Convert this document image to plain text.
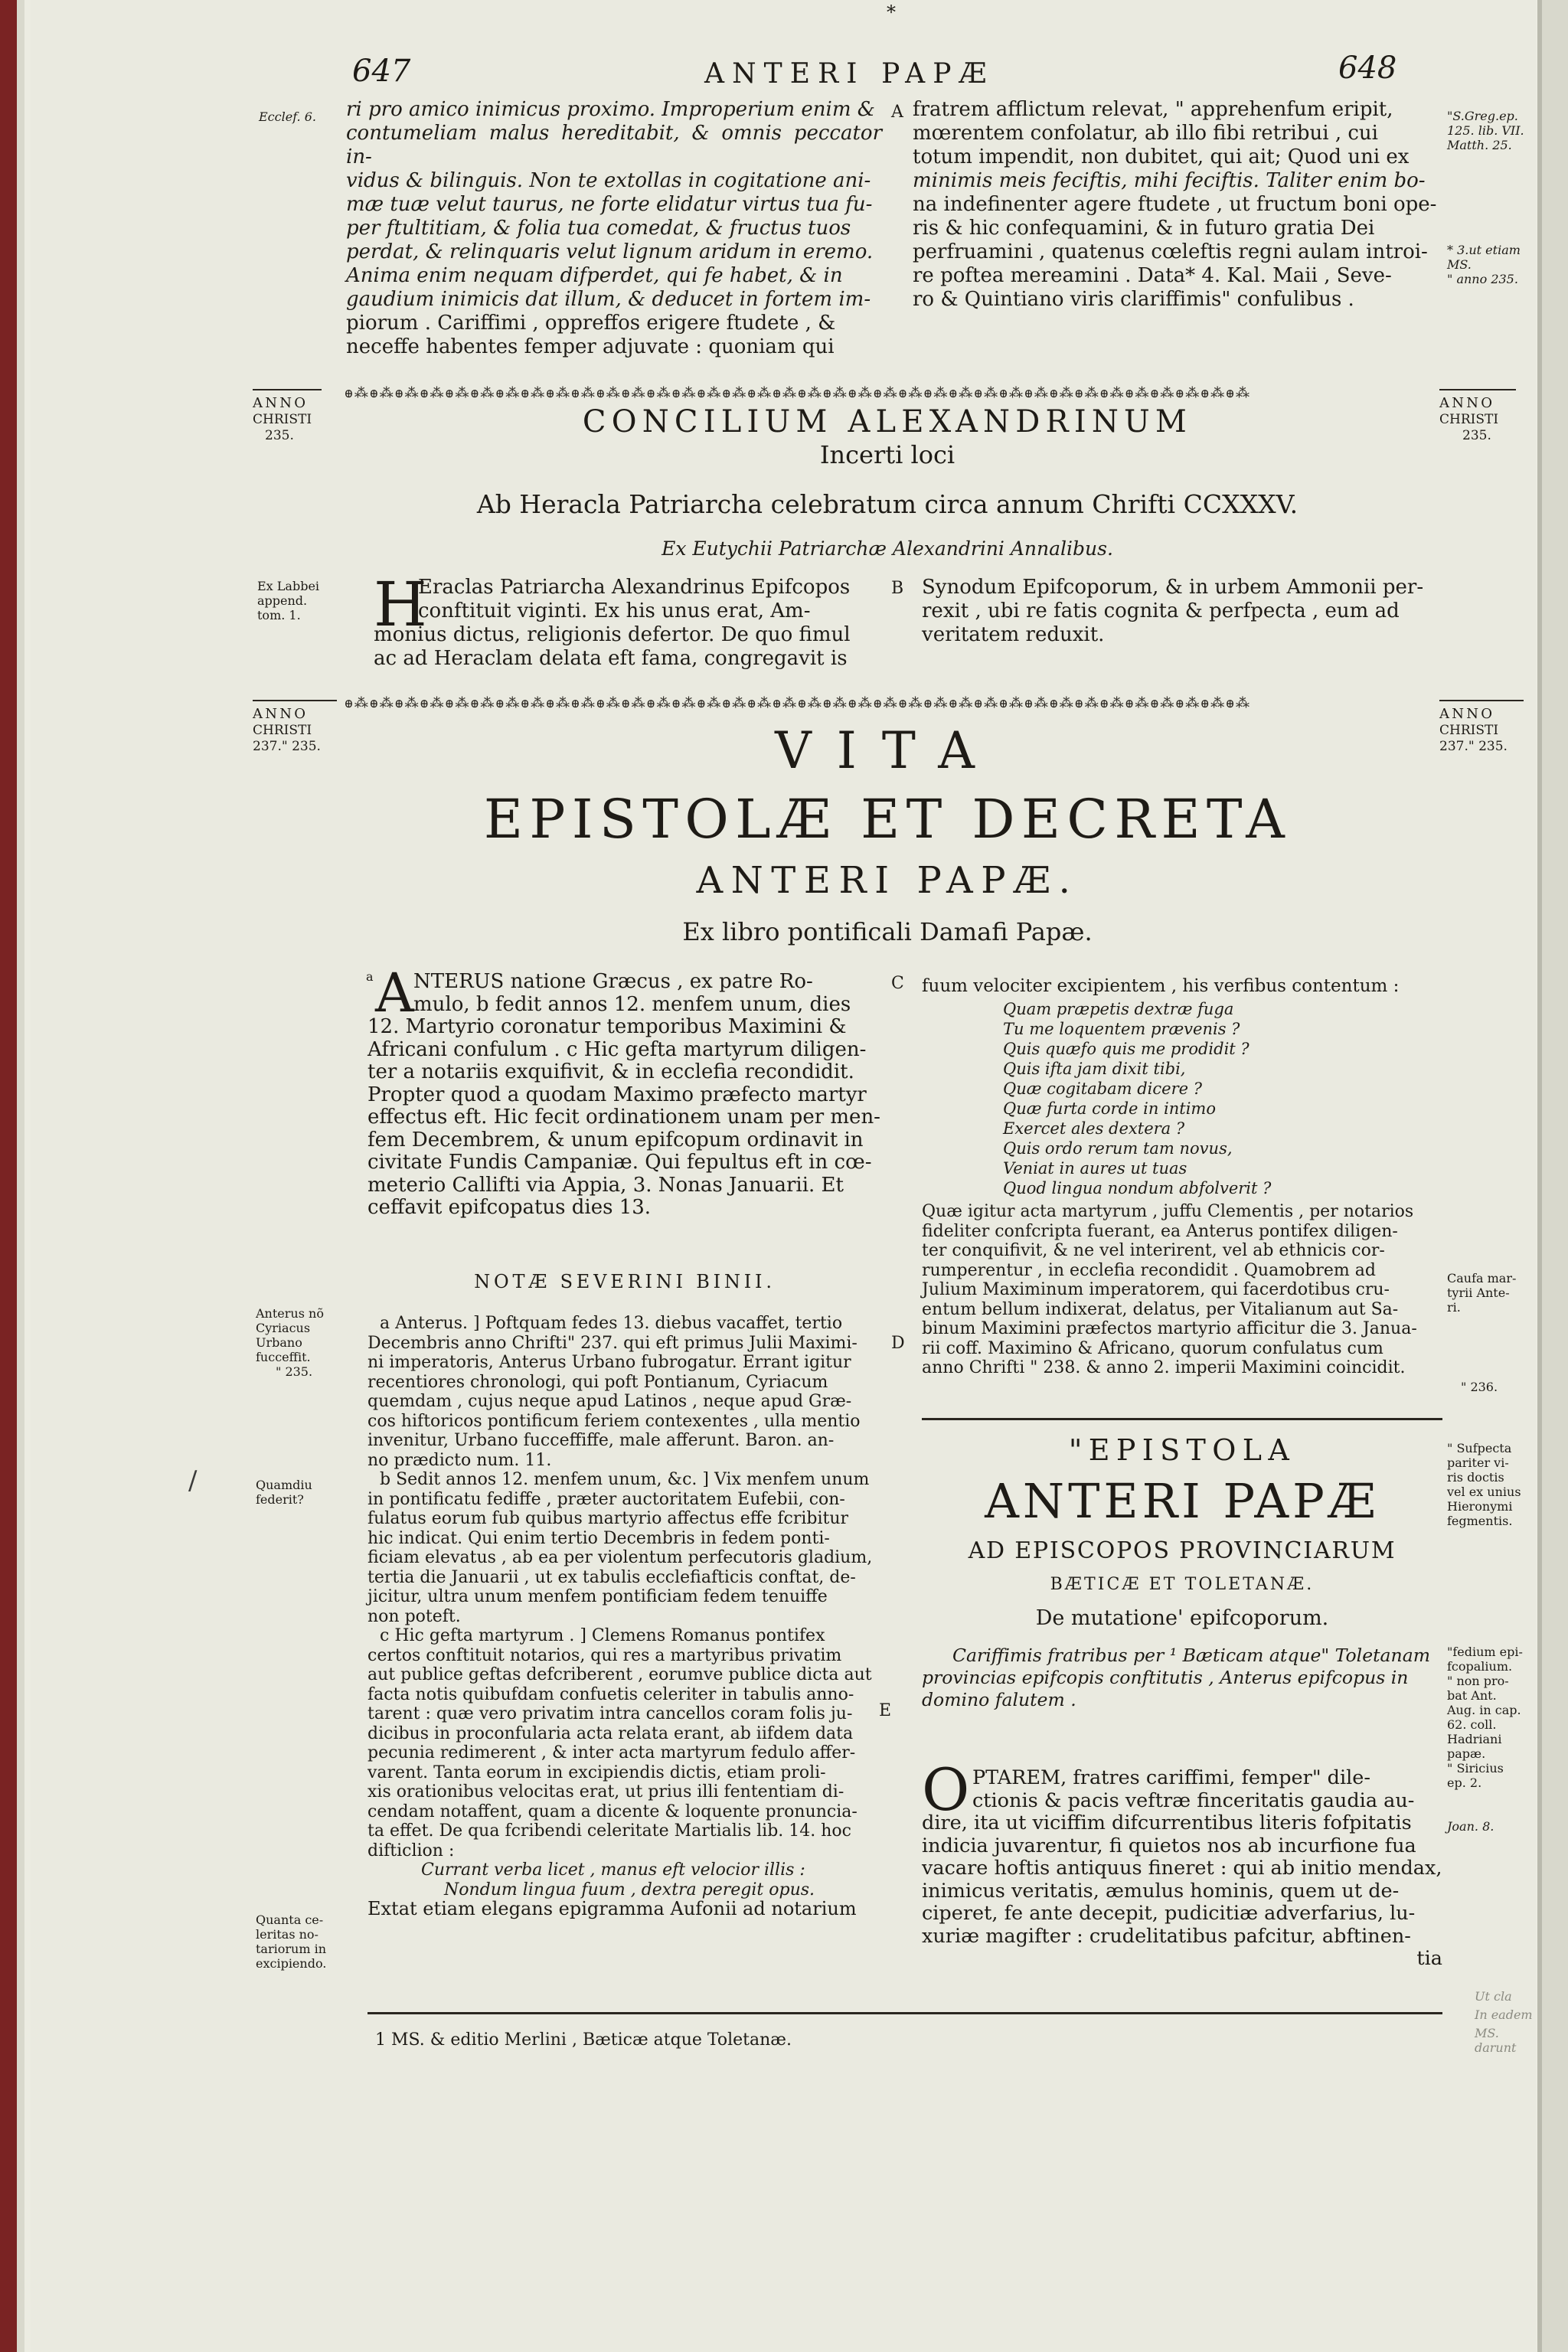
*
647	ANTERI PAPÆ	648
Ecclef. 6. ri pro amico inimicus proximo. Improperium enim &
contumeliam malus hereditabit, & omnis peccator in-
vidus & bilinguis. Non te extollas in cogitatione ani-
mæ tuæ velut taurus, ne forte elidatur virtus tua fu-
per ftultitiam, & folia tua comedat, & fructus tuos
perdat, & relinquaris velut lignum aridum in eremo.
Anima enim nequam difperdet, qui fe habet, & in
gaudium inimicis dat illum, & deducet in fortem im-
piorum . Cariffimi , oppreffos erigere ftudete , &
neceffe habentes femper adjuvate : quoniam qui
A fratrem afflictum relevat, " apprehenfum eripit,
mœrentem confolatur, ab illo fibi retribui , cui
totum impendit, non dubitet, qui ait; Quod uni ex
minimis meis feciftis, mihi feciftis. Taliter enim bo-
na indefinenter agere ftudete , ut fructum boni ope-
ris & hic confequamini, & in futuro gratia Dei
perfruamini , quatenus cœleftis regni aulam introi-
re poftea mereamini . Data* 4. Kal. Maii , Seve-
ro & Quintiano viris clariffimis" confulibus .
"S.Greg.ep.
125. lib. VII.
Matth. 25.
* 3.ut etiam
MS.
" anno 235.
ANNO
CHRISTI
235.
ꚛ⁂ꚛ⁂ꚛ⁂ꚛ⁂ꚛ⁂ꚛ⁂ꚛ⁂ꚛ⁂ꚛ⁂ꚛ⁂ꚛ⁂ꚛ⁂ꚛ⁂ꚛ⁂ꚛ⁂ꚛ⁂ꚛ⁂ꚛ⁂ꚛ⁂ꚛ⁂ꚛ⁂ꚛ⁂ꚛ⁂ꚛ⁂ꚛ⁂ꚛ⁂ꚛ⁂ꚛ⁂ꚛ⁂ꚛ⁂ꚛ⁂ꚛ⁂ꚛ⁂ꚛ⁂ꚛ⁂ꚛ⁂
ANNO
CHRISTI
235.
CONCILIUM ALEXANDRINUM
Incerti loci
Ab Heracla Patriarcha celebratum circa annum Chrifti CCXXXV.
Ex Eutychii Patriarchæ Alexandrini Annalibus.
Ex Labbei
append.
tom. 1.	H
Eraclas Patriarcha Alexandrinus Epifcopos
conftituit viginti. Ex his unus erat, Am-
monius dictus, religionis defertor. De quo fimul
ac ad Heraclam delata eft fama, congregavit is
B Synodum Epifcoporum, & in urbem Ammonii per-
rexit , ubi re fatis cognita & perfpecta , eum ad
veritatem reduxit.
ANNO
CHRISTI
237." 235.
ꚛ⁂ꚛ⁂ꚛ⁂ꚛ⁂ꚛ⁂ꚛ⁂ꚛ⁂ꚛ⁂ꚛ⁂ꚛ⁂ꚛ⁂ꚛ⁂ꚛ⁂ꚛ⁂ꚛ⁂ꚛ⁂ꚛ⁂ꚛ⁂ꚛ⁂ꚛ⁂ꚛ⁂ꚛ⁂ꚛ⁂ꚛ⁂ꚛ⁂ꚛ⁂ꚛ⁂ꚛ⁂ꚛ⁂ꚛ⁂ꚛ⁂ꚛ⁂ꚛ⁂ꚛ⁂ꚛ⁂ꚛ⁂
ANNO
CHRISTI
237." 235.
VITA
EPISTOLÆ ET DECRETA
ANTERI PAPÆ.
Ex libro pontificali Damafi Papæ.
a A NTERUS natione Græcus , ex patre Ro-
mulo, b fedit annos 12. menfem unum, dies
12. Martyrio coronatur temporibus Maximini &
Africani confulum . c Hic gefta martyrum diligen-
ter a notariis exquifivit, & in ecclefia recondidit.
Propter quod a quodam Maximo præfecto martyr
effectus eft. Hic fecit ordinationem unam per men-
fem Decembrem, & unum epifcopum ordinavit in
civitate Fundis Campaniæ. Qui fepultus eft in cœ-
meterio Callifti via Appia, 3. Nonas Januarii. Et
ceffavit epifcopatus dies 13.
C
NOTÆ SEVERINI BINII.
a Anterus. ] Poftquam fedes 13. diebus vacaffet, tertio
Decembris anno Chrifti" 237. qui eft primus Julii Maximi-
ni imperatoris, Anterus Urbano fubrogatur. Errant igitur
recentiores chronologi, qui poft Pontianum, Cyriacum
quemdam , cujus neque apud Latinos , neque apud Græ-
cos hiftoricos pontificum feriem contexentes , ulla mentio
invenitur, Urbano fucceffiffe, male afferunt. Baron. an-
no prædicto num. 11.
b Sedit annos 12. menfem unum, &c. ] Vix menfem unum
in pontificatu fediffe , præter auctoritatem Eufebii, con-
fulatus eorum fub quibus martyrio affectus effe fcribitur
hic indicat. Qui enim tertio Decembris in fedem ponti-
ficiam elevatus , ab ea per violentum perfecutoris gladium,
tertia die Januarii , ut ex tabulis ecclefiafticis conftat, de-
jicitur, ultra unum menfem pontificiam fedem tenuiffe
non poteft.
c Hic gefta martyrum . ] Clemens Romanus pontifex
certos conftituit notarios, qui res a martyribus privatim
aut publice geftas defcriberent , eorumve publice dicta aut
facta notis quibufdam confuetis celeriter in tabulis anno-
tarent : quæ vero privatim intra cancellos coram folis ju-
dicibus in proconfularia acta relata erant, ab iifdem data
pecunia redimerent , & inter acta martyrum fedulo affer-
varent. Tanta eorum in excipiendis dictis, etiam proli-
xis orationibus velocitas erat, ut prius illi fententiam di-
cendam notaffent, quam a dicente & loquente pronuncia-
ta effet. De qua fcribendi celeritate Martialis lib. 14. hoc
difticlion :
Currant verba licet , manus eft velocior illis :
Nondum lingua fuum , dextra peregit opus.
Extat etiam elegans epigramma Aufonii ad notarium
Anterus nõ
Cyriacus
Urbano
fucceffit.
" 235.
/	Quamdiu
federit?
Quanta ce-
leritas no-
tariorum in
excipiendo.
fuum velociter excipientem , his verfibus contentum :
Quam præpetis dextræ fuga
Tu me loquentem prævenis ?
Quis quæfo quis me prodidit ?
Quis ifta jam dixit tibi,
Quæ cogitabam dicere ?
Quæ furta corde in intimo
Exercet ales dextera ?
Quis ordo rerum tam novus,
Veniat in aures ut tuas
Quod lingua nondum abfolverit ?
Quæ igitur acta martyrum , juffu Clementis , per notarios
fideliter confcripta fuerant, ea Anterus pontifex diligen-
ter conquifivit, & ne vel interirent, vel ab ethnicis cor-
rumperentur , in ecclefia recondidit . Quamobrem ad
Julium Maximinum imperatorem, qui facerdotibus cru-
entum bellum indixerat, delatus, per Vitalianum aut Sa-
binum Maximini præfectos martyrio afficitur die 3. Janua-
rii coff. Maximino & Africano, quorum confulatus cum
anno Chrifti " 238. & anno 2. imperii Maximini coincidit.
D
Caufa mar-
tyrii Ante-
ri.
" 236.
"EPISTOLA
ANTERI PAPÆ
AD EPISCOPOS PROVINCIARUM
BÆTICÆ ET TOLETANÆ.
De mutatione' epifcoporum.
Cariffimis fratribus per ¹ Bæticam atque" Toletanam
provincias epifcopis conftitutis , Anterus epifcopus in
domino falutem .
E
O PTAREM, fratres cariffimi, femper" dile-
ctionis & pacis veftræ finceritatis gaudia au-
dire, ita ut viciffim difcurrentibus literis fofpitatis
indicia juvarentur, fi quietos nos ab incurfione fua
vacare hoftis antiquus fineret : qui ab initio mendax,
inimicus veritatis, æmulus hominis, quem ut de-
ciperet, fe ante decepit, pudicitiæ adverfarius, lu-
xuriæ magifter : crudelitatibus pafcitur, abftinen-
tia
" Sufpecta
pariter vi-
ris doctis
vel ex unius
Hieronymi
fegmentis.
"fedium epi-
fcopalium.
" non pro-
bat Ant.
Aug. in cap.
62. coll.
Hadriani
papæ.
" Siricius
ep. 2.
Joan. 8.
1 MS. & editio Merlini , Bæticæ atque Toletanæ.
Ut cla
In eadem
MS. darunt
